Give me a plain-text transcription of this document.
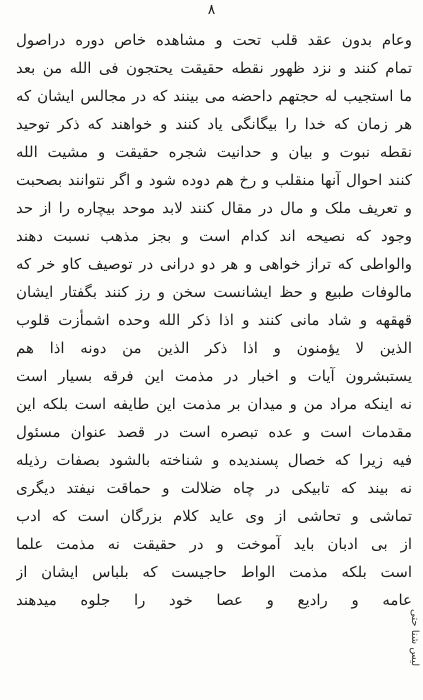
۸
وعام بدون عقد قلب تحت و مشاهده خاص دوره دراصول
تمام کنند و نزد ظهور نقطه حقیقت یحتجون فی الله من بعد
ما استجیب له حجتهم داحضه می بینند که در مجالس ایشان که
هر زمان که خدا را بیگانگی یاد کنند و خواهند که ذکر توحید
نقطه نبوت و بیان و حدانیت شجره حقیقت و مشیت الله
کنند احوال آنها منقلب و رخ هم دوده شود و اگر نتوانند بصحبت
و تعریف ملک و مال در مقال کنند لابد موحد بیچاره را از حد
وجود که نصیحه اند کدام است و بجز مذهب نسبت دهند
والواطی که تراز خواهی و هر دو درانی در توصیف کاو خر که
مالوفات طبیع و حظ ایشانست سخن و رز کنند بگفتار ایشان
قهقهه و شاد مانی کنند و اذا ذکر الله وحده اشمأزت قلوب
الذین لا یؤمنون و اذا ذکر الذین من دونه اذا هم
یستبشرون آیات و اخبار در مذمت این فرقه بسیار است
نه اینکه مراد من و میدان بر مذمت این طایفه است بلکه این
مقدمات است و عده تبصره است در قصد عنوان مسئول
فیه زیرا که خصال پسندیده و شناخته بالشود بصفات رذیله
نه بیند که تابیکی در چاه ضلالت و حماقت نیفتد دیگری
تماشی و تحاشی از وی عاید کلام بزرگان است که ادب
از بی ادبان باید آموخت و در حقیقت نه مذمت علما
است بلکه مذمت الواط حاجیست که بلباس ایشان از
عامه و رادیع و عصا خود را جلوه میدهند
لیس شنا حتی
